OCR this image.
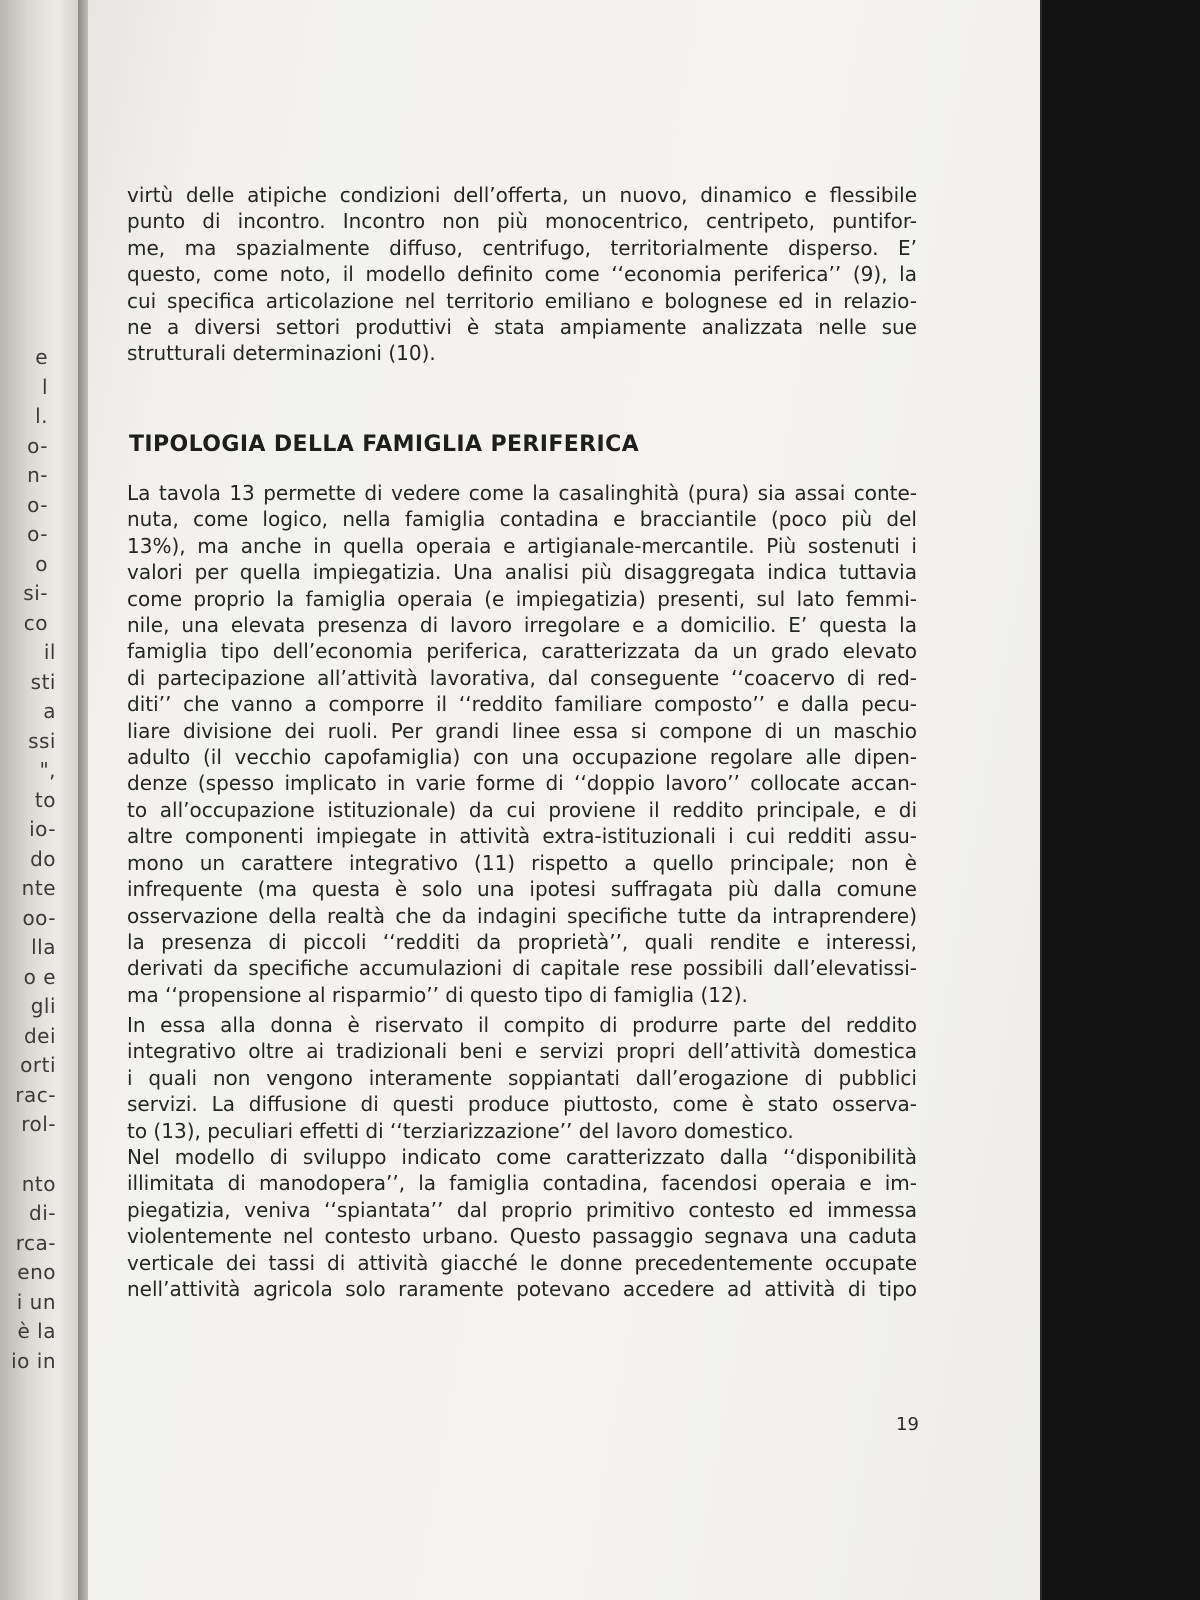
e
l
l.
o-
n-
o-
o-
o
si-
co
il
sti
a
ssi
",
to
io-
do
nte
oo-
lla
o e
gli
dei
orti
rac-
rol-
nto
di-
rca-
eno
i un
è la
io in
virtù delle atipiche condizioni dell’offerta, un nuovo, dinamico e flessibile
punto di incontro. Incontro non più monocentrico, centripeto, puntifor-
me, ma spazialmente diffuso, centrifugo, territorialmente disperso. E’
questo, come noto, il modello definito come ‘‘economia periferica’’ (9), la
cui specifica articolazione nel territorio emiliano e bolognese ed in relazio-
ne a diversi settori produttivi è stata ampiamente analizzata nelle sue
strutturali determinazioni (10).
TIPOLOGIA DELLA FAMIGLIA PERIFERICA
La tavola 13 permette di vedere come la casalinghità (pura) sia assai conte-
nuta, come logico, nella famiglia contadina e bracciantile (poco più del
13%), ma anche in quella operaia e artigianale-mercantile. Più sostenuti i
valori per quella impiegatizia. Una analisi più disaggregata indica tuttavia
come proprio la famiglia operaia (e impiegatizia) presenti, sul lato femmi-
nile, una elevata presenza di lavoro irregolare e a domicilio. E’ questa la
famiglia tipo dell’economia periferica, caratterizzata da un grado elevato
di partecipazione all’attività lavorativa, dal conseguente ‘‘coacervo di red-
diti’’ che vanno a comporre il ‘‘reddito familiare composto’’ e dalla pecu-
liare divisione dei ruoli. Per grandi linee essa si compone di un maschio
adulto (il vecchio capofamiglia) con una occupazione regolare alle dipen-
denze (spesso implicato in varie forme di ‘‘doppio lavoro’’ collocate accan-
to all’occupazione istituzionale) da cui proviene il reddito principale, e di
altre componenti impiegate in attività extra-istituzionali i cui redditi assu-
mono un carattere integrativo (11) rispetto a quello principale; non è
infrequente (ma questa è solo una ipotesi suffragata più dalla comune
osservazione della realtà che da indagini specifiche tutte da intraprendere)
la presenza di piccoli ‘‘redditi da proprietà’’, quali rendite e interessi,
derivati da specifiche accumulazioni di capitale rese possibili dall’elevatissi-
ma ‘‘propensione al risparmio’’ di questo tipo di famiglia (12).
In essa alla donna è riservato il compito di produrre parte del reddito
integrativo oltre ai tradizionali beni e servizi propri dell’attività domestica
i quali non vengono interamente soppiantati dall’erogazione di pubblici
servizi. La diffusione di questi produce piuttosto, come è stato osserva-
to (13), peculiari effetti di ‘‘terziarizzazione’’ del lavoro domestico.
Nel modello di sviluppo indicato come caratterizzato dalla ‘‘disponibilità
illimitata di manodopera’’, la famiglia contadina, facendosi operaia e im-
piegatizia, veniva ‘‘spiantata’’ dal proprio primitivo contesto ed immessa
violentemente nel contesto urbano. Questo passaggio segnava una caduta
verticale dei tassi di attività giacché le donne precedentemente occupate
nell’attività agricola solo raramente potevano accedere ad attività di tipo
19
